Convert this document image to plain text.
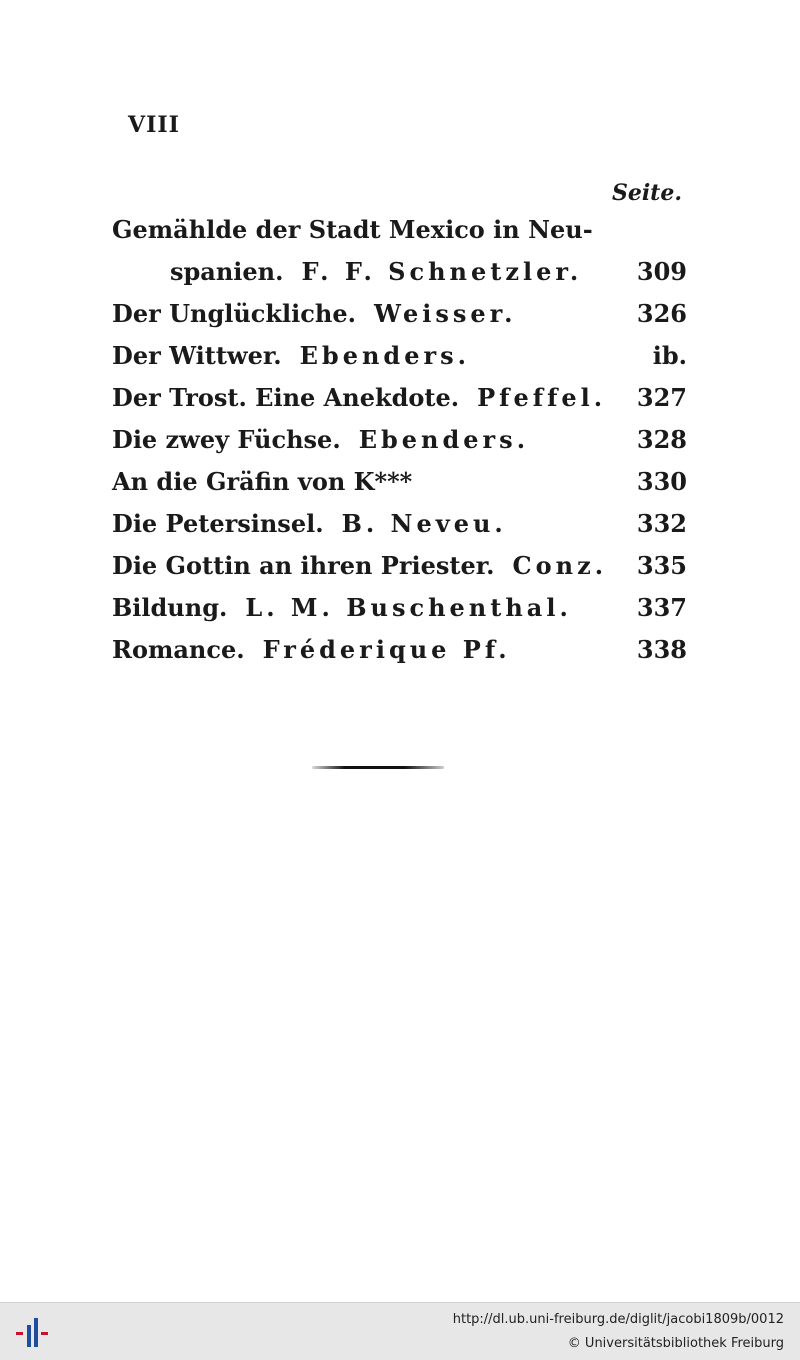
VIII
Seite.
Gemählde der Stadt Mexico in Neu-
spanien. F. F. Schnetzler.	309
Der Unglückliche. Weisser.	326
Der Wittwer. Ebenders.	ib.
Der Trost. Eine Anekdote. Pfeffel.	327
Die zwey Füchse. Ebenders.	328
An die Gräfin von K***	330
Die Petersinsel. B. Neveu.	332
Die Gottin an ihren Priester. Conz.	335
Bildung. L. M. Buschenthal.	337
Romance. Fréderique Pf.	338
http://dl.ub.uni-freiburg.de/diglit/jacobi1809b/0012
© Universitätsbibliothek Freiburg
